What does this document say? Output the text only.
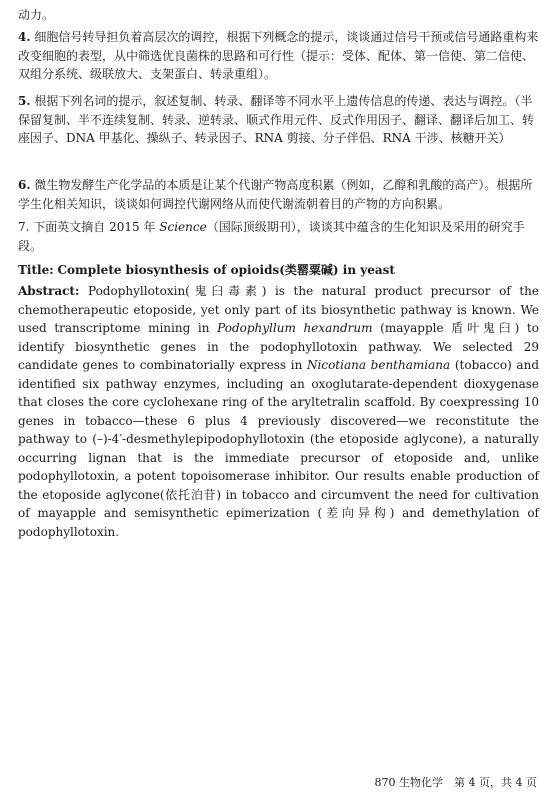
动力。
4. 细胞信号转导担负着高层次的调控，根据下列概念的提示，谈谈通过信号干预或信号通路重构来改变细胞的表型，从中筛选优良菌株的思路和可行性（提示：受体、配体、第一信使、第二信使、双组分系统、级联放大、支架蛋白、转录重组）。
5. 根据下列名词的提示，叙述复制、转录、翻译等不同水平上遗传信息的传递、表达与调控。（半保留复制、半不连续复制、转录、逆转录、顺式作用元件、反式作用因子、翻译、翻译后加工、转座因子、DNA 甲基化、操纵子、转录因子、RNA 剪接、分子伴侣、RNA 干涉、核糖开关）
6. 微生物发酵生产化学品的本质是让某个代谢产物高度积累（例如，乙醇和乳酸的高产）。根据所学生化相关知识，谈谈如何调控代谢网络从而使代谢流朝着目的产物的方向积累。
7. 下面英文摘自 2015 年 Science（国际顶级期刊），谈谈其中蕴含的生化知识及采用的研究手段。
Title: Complete biosynthesis of opioids(类罂粟碱) in yeast
Abstract: Podophyllotoxin(鬼臼毒素) is the natural product precursor of the chemotherapeutic etoposide, yet only part of its biosynthetic pathway is known. We used transcriptome mining in Podophyllum hexandrum (mayapple 盾叶鬼臼) to identify biosynthetic genes in the podophyllotoxin pathway. We selected 29 candidate genes to combinatorially express in Nicotiana benthamiana (tobacco) and identified six pathway enzymes, including an oxoglutarate-dependent dioxygenase that closes the core cyclohexane ring of the aryltetralin scaffold. By coexpressing 10 genes in tobacco—these 6 plus 4 previously discovered—we reconstitute the pathway to (–)-4′-desmethylepipodophyllotoxin (the etoposide aglycone), a naturally occurring lignan that is the immediate precursor of etoposide and, unlike podophyllotoxin, a potent topoisomerase inhibitor. Our results enable production of the etoposide aglycone(依托泊苷) in tobacco and circumvent the need for cultivation of mayapple and semisynthetic epimerization (差向异构) and demethylation of podophyllotoxin.
870 生物化学　第 4 页，共 4 页
